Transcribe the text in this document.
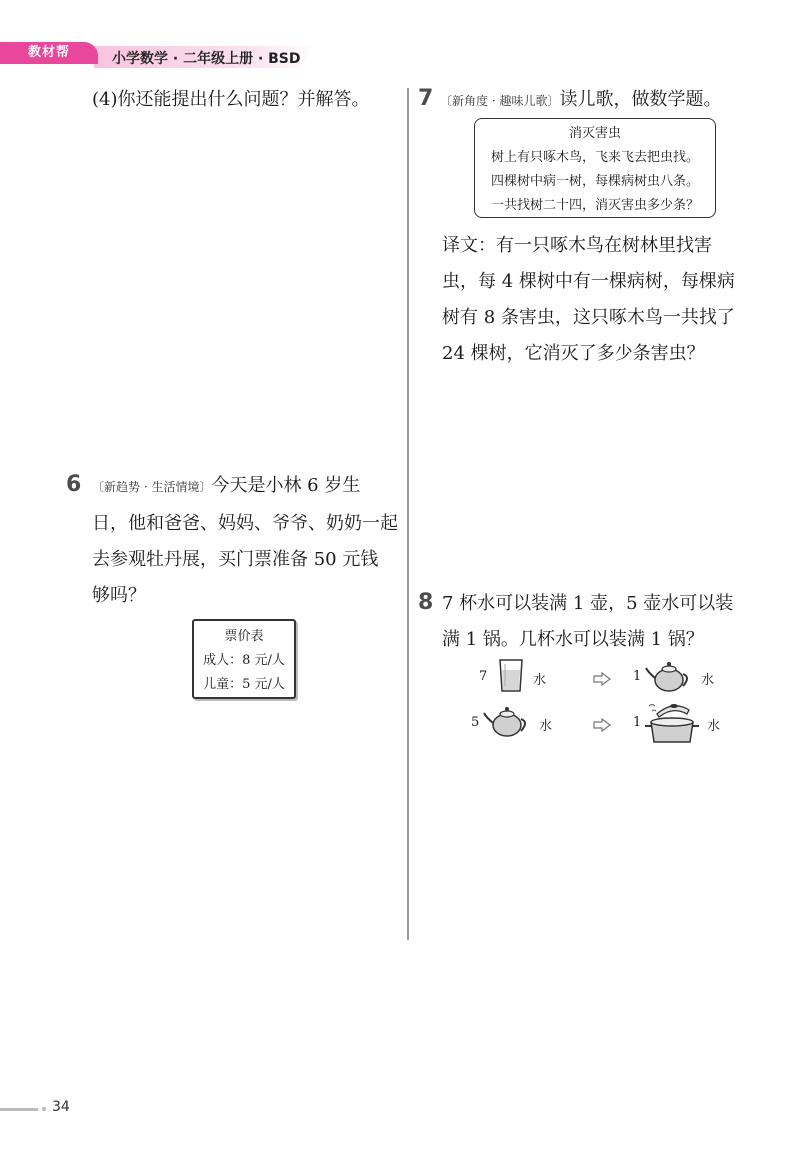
教材帮	小学数学 · 二年级上册 · BSD
(4)你还能提出什么问题？并解答。
6 〔新趋势 · 生活情境〕今天是小林 6 岁生
日，他和爸爸、妈妈、爷爷、奶奶一起
去参观牡丹展，买门票准备 50 元钱
够吗？
票价表
成人：8 元/人
儿童：5 元/人
7 〔新角度 · 趣味儿歌〕读儿歌，做数学题。
消灭害虫
树上有只啄木鸟，飞来飞去把虫找。
四棵树中病一树，每棵病树虫八条。
一共找树二十四，消灭害虫多少条？
译文：有一只啄木鸟在树林里找害
虫，每 4 棵树中有一棵病树，每棵病
树有 8 条害虫，这只啄木鸟一共找了
24 棵树，它消灭了多少条害虫？
8 7 杯水可以装满 1 壶，5 壶水可以装
满 1 锅。几杯水可以装满 1 锅？
7	水	1	水
5	水	1	水
34
